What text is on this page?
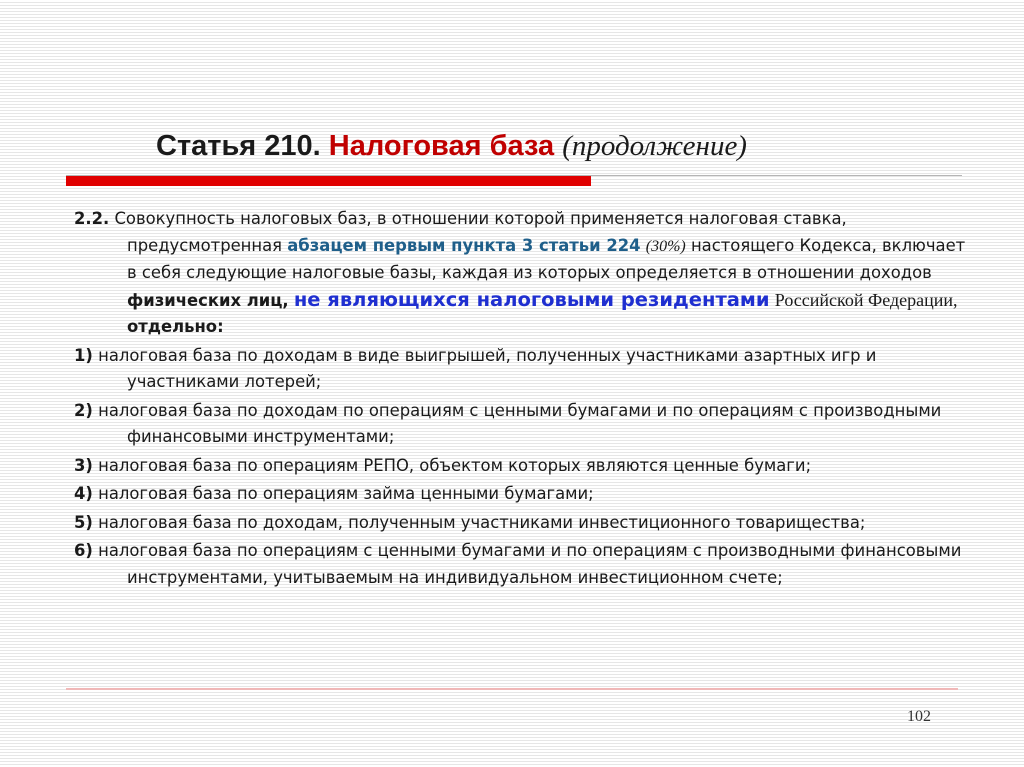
Статья 210. Налоговая база (продолжение)
2.2. Совокупность налоговых баз, в отношении которой применяется налоговая ставка, предусмотренная абзацем первым пункта 3 статьи 224 (30%) настоящего Кодекса, включает в себя следующие налоговые базы, каждая из которых определяется в отношении доходов физических лиц, не являющихся налоговыми резидентами Российской Федерации, отдельно:
1) налоговая база по доходам в виде выигрышей, полученных участниками азартных игр и участниками лотерей;
2) налоговая база по доходам по операциям с ценными бумагами и по операциям с производными финансовыми инструментами;
3) налоговая база по операциям РЕПО, объектом которых являются ценные бумаги;
4) налоговая база по операциям займа ценными бумагами;
5) налоговая база по доходам, полученным участниками инвестиционного товарищества;
6) налоговая база по операциям с ценными бумагами и по операциям с производными финансовыми инструментами, учитываемым на индивидуальном инвестиционном счете;
102
